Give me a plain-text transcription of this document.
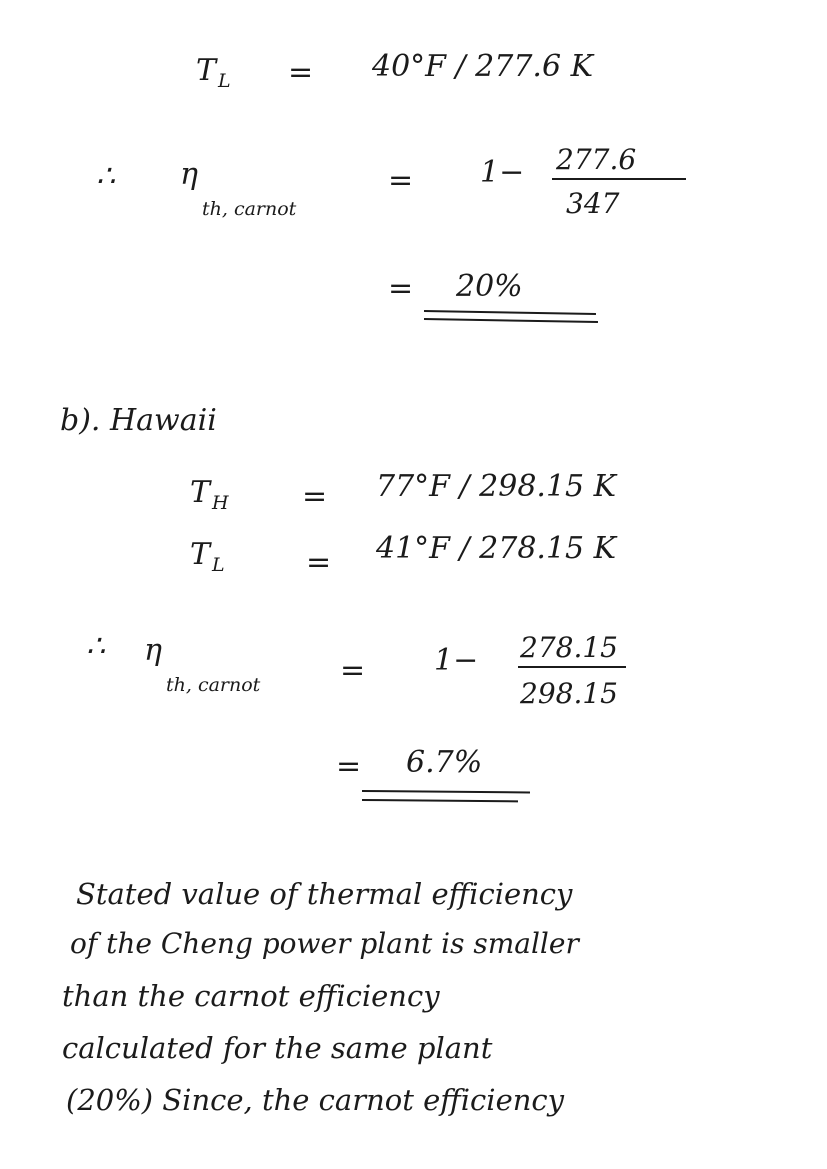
T L = 40°F / 277.6 K
∴ η
th, carnot
= 1− 277.6
347
= 20%
b). Hawaii
T H = 77°F / 298.15 K
T L	= 41°F / 278.15 K
∴ η
th, carnot	= 1− 278.15
298.15
= 6.7%
Stated value of thermal efficiency
of the Cheng power plant is smaller
than the carnot efficiency
calculated for the same plant
(20%) Since, the carnot efficiency
